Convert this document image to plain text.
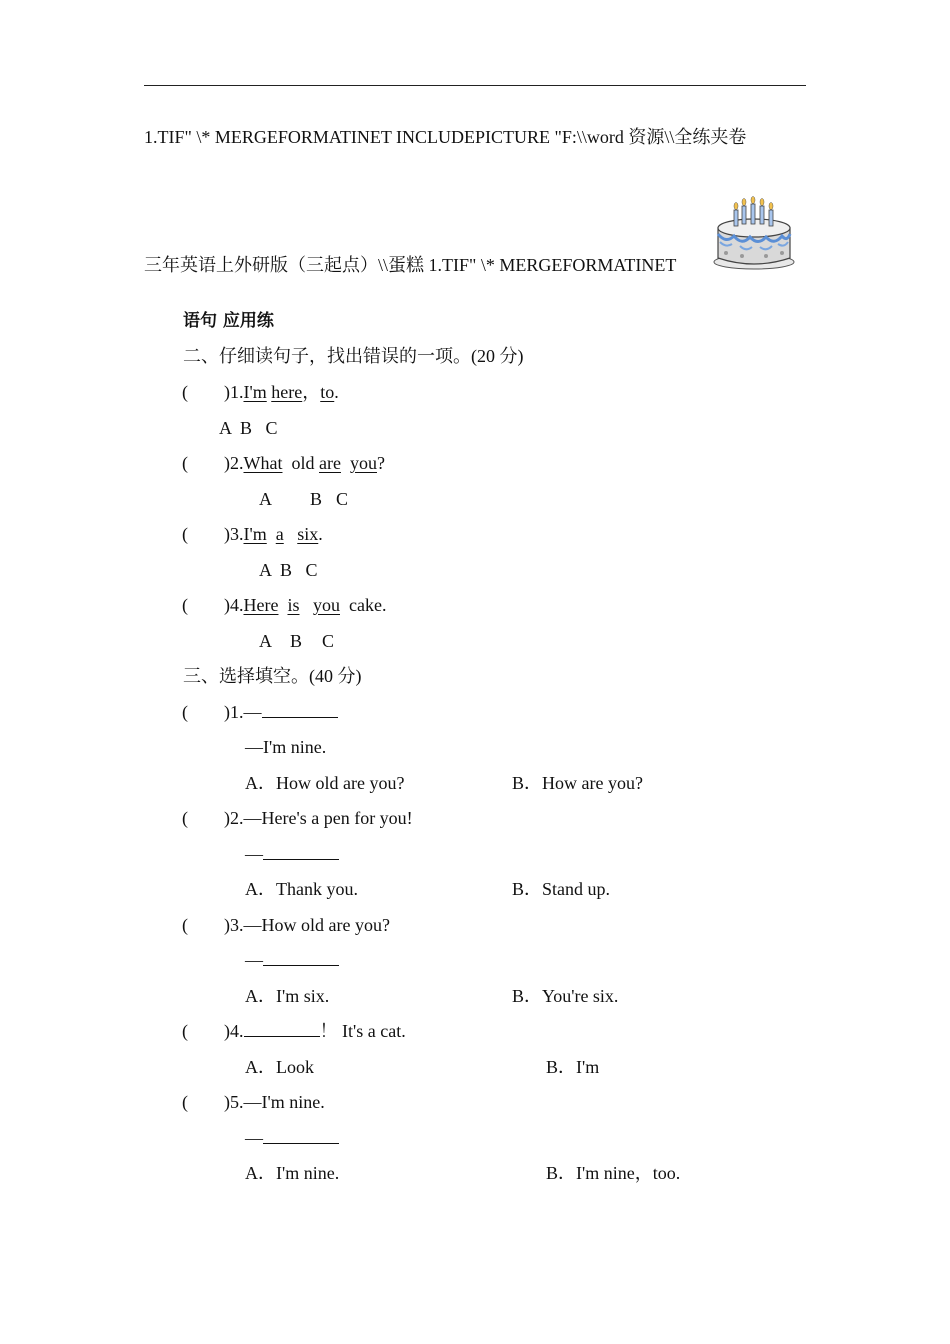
1.TIF" \* MERGEFORMATINET INCLUDEPICTURE "F:\\word 资源\\全练夹卷
三年英语上外研版（三起点）\\蛋糕 1.TIF" \* MERGEFORMATINET
语句 应用练
二、仔细读句子，找出错误的一项。(20 分)
(        )1.I'm here，to.
A  B   C
(        )2.What old are you?
A B C
(        )3.I'm a six.
A  B   C
(        )4.Here is you cake.
A B C
三、选择填空。(40 分)
(        )1.—
—I'm nine.
A．How old are you?	B．How are you?
(        )2.—Here's a pen for you!
—
A．Thank you.	B．Stand up.
(        )3.—How old are you?
—
A．I'm six.	B．You're six.
(        )4.	！ It's a cat.
A．Look	B．I'm
(        )5.—I'm nine.
—
A．I'm nine.	B．I'm nine，too.
